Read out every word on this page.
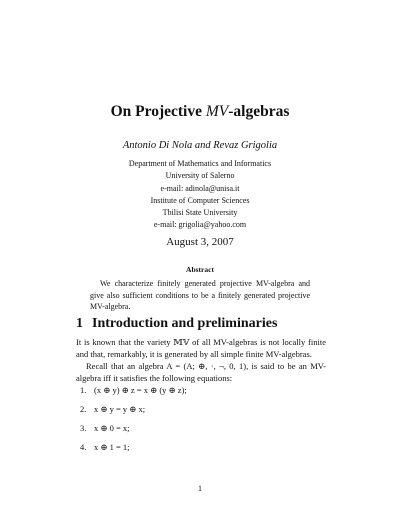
On Projective MV-algebras
Antonio Di Nola and Revaz Grigolia
Department of Mathematics and Informatics
University of Salerno
e-mail: adinola@unisa.it
Institute of Computer Sciences
Tbilisi State University
e-mail: grigolia@yahoo.com
August 3, 2007
Abstract
We characterize finitely generated projective MV-algebra and give also sufficient conditions to be a finitely generated projective MV-algebra.
1 Introduction and preliminaries
It is known that the variety 𝕄𝕍 of all MV-algebras is not locally finite and that, remarkably, it is generated by all simple finite MV-algebras.
Recall that an algebra A = (A; ⊕, ·, ¬, 0, 1), is said to be an MV-algebra iff it satisfies the following equations:
1. (x ⊕ y) ⊕ z = x ⊕ (y ⊕ z);
2. x ⊕ y = y ⊕ x;
3. x ⊕ 0 = x;
4. x ⊕ 1 = 1;
1
